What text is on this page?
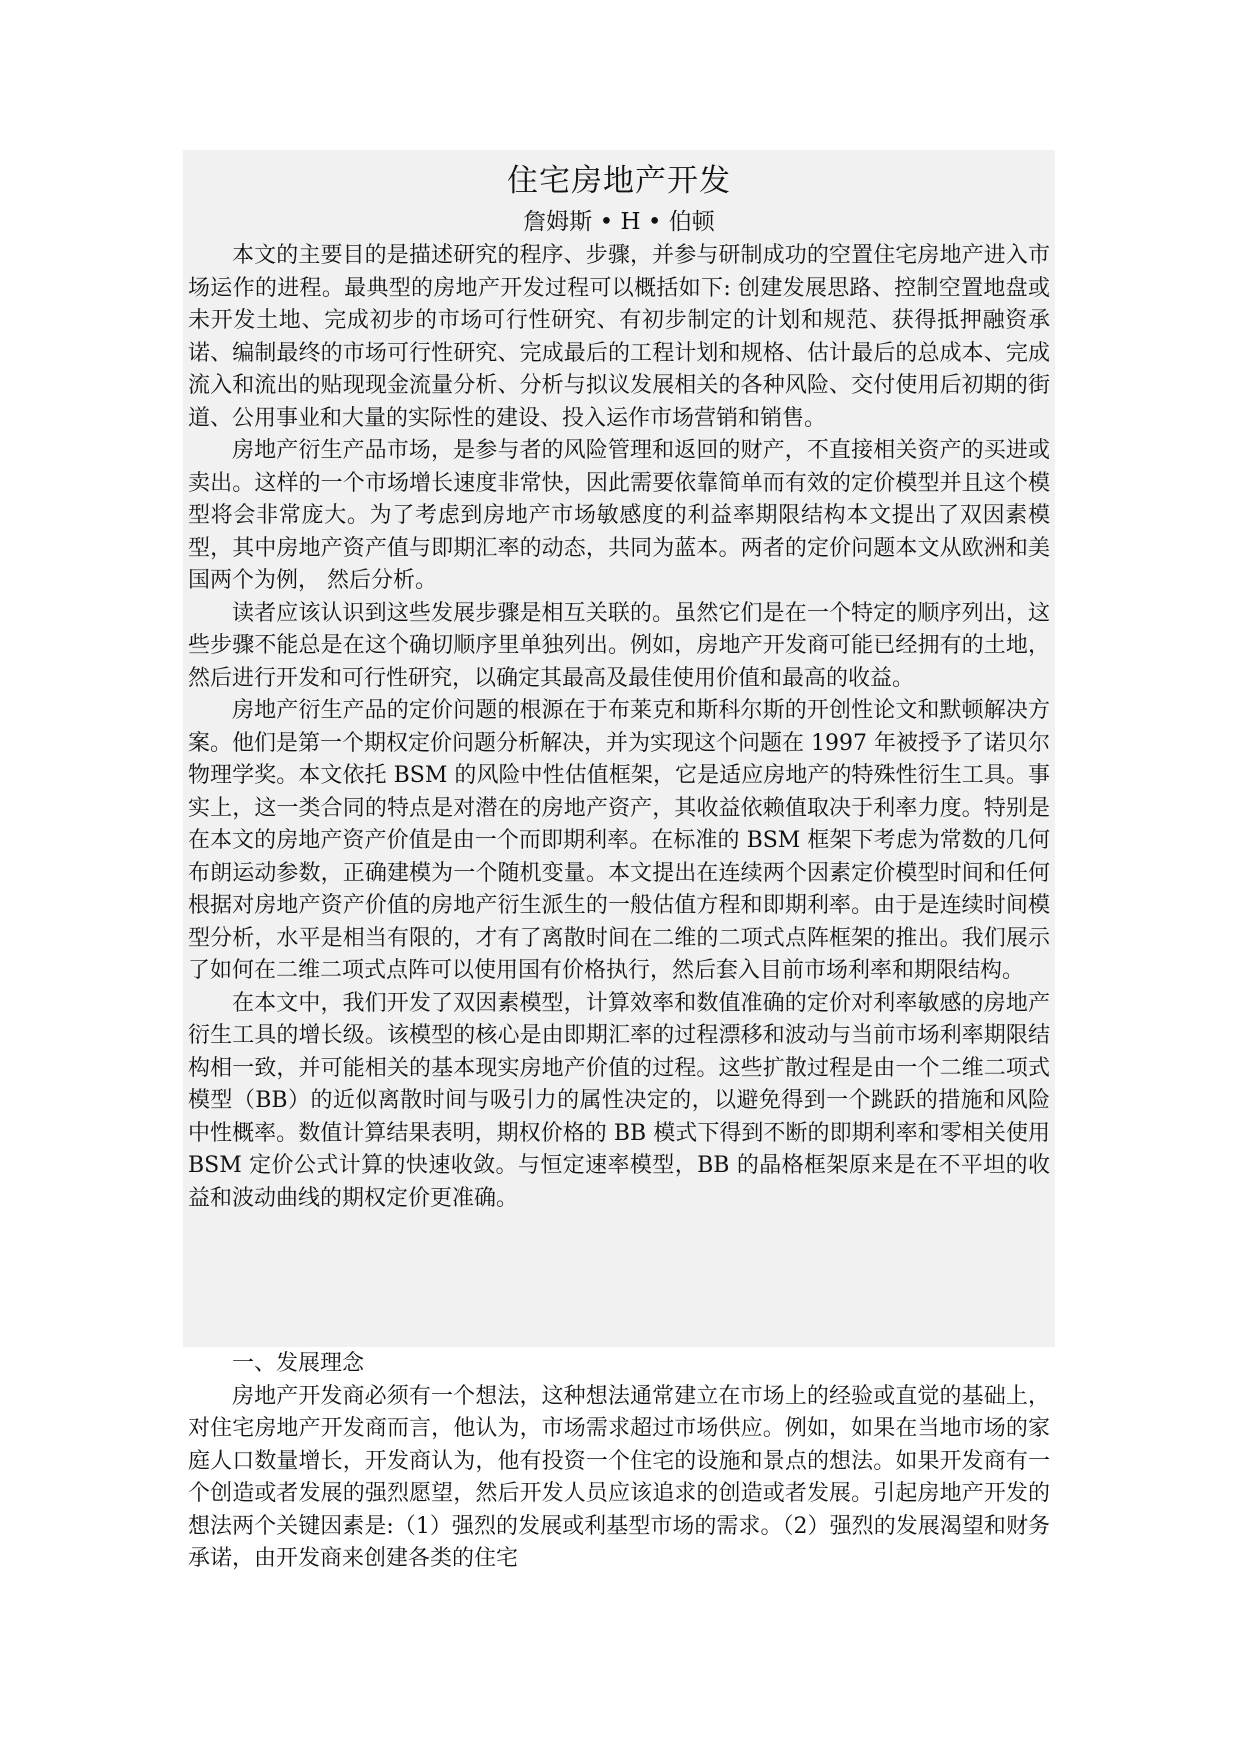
住宅房地产开发

詹姆斯 • H • 伯顿

本文的主要目的是描述研究的程序、步骤，并参与研制成功的空置住宅房地产进入市场运作的进程。最典型的房地产开发过程可以概括如下: 创建发展思路、控制空置地盘或未开发土地、完成初步的市场可行性研究、有初步制定的计划和规范、获得抵押融资承诺、编制最终的市场可行性研究、完成最后的工程计划和规格、估计最后的总成本、完成流入和流出的贴现现金流量分析、分析与拟议发展相关的各种风险、交付使用后初期的街道、公用事业和大量的实际性的建设、投入运作市场营销和销售。

房地产衍生产品市场，是参与者的风险管理和返回的财产，不直接相关资产的买进或卖出。这样的一个市场增长速度非常快，因此需要依靠简单而有效的定价模型并且这个模型将会非常庞大。为了考虑到房地产市场敏感度的利益率期限结构本文提出了双因素模型，其中房地产资产值与即期汇率的动态，共同为蓝本。两者的定价问题本文从欧洲和美国两个为例， 然后分析。

读者应该认识到这些发展步骤是相互关联的。虽然它们是在一个特定的顺序列出，这些步骤不能总是在这个确切顺序里单独列出。例如，房地产开发商可能已经拥有的土地，然后进行开发和可行性研究，以确定其最高及最佳使用价值和最高的收益。

房地产衍生产品的定价问题的根源在于布莱克和斯科尔斯的开创性论文和默顿解决方案。他们是第一个期权定价问题分析解决，并为实现这个问题在 1997 年被授予了诺贝尔物理学奖。本文依托 BSM 的风险中性估值框架，它是适应房地产的特殊性衍生工具。事实上，这一类合同的特点是对潜在的房地产资产，其收益依赖值取决于利率力度。特别是在本文的房地产资产价值是由一个而即期利率。在标准的 BSM 框架下考虑为常数的几何布朗运动参数，正确建模为一个随机变量。本文提出在连续两个因素定价模型时间和任何根据对房地产资产价值的房地产衍生派生的一般估值方程和即期利率。由于是连续时间模型分析，水平是相当有限的，才有了离散时间在二维的二项式点阵框架的推出。我们展示了如何在二维二项式点阵可以使用国有价格执行，然后套入目前市场利率和期限结构。

在本文中，我们开发了双因素模型，计算效率和数值准确的定价对利率敏感的房地产衍生工具的增长级。该模型的核心是由即期汇率的过程漂移和波动与当前市场利率期限结构相一致，并可能相关的基本现实房地产价值的过程。这些扩散过程是由一个二维二项式模型（BB）的近似离散时间与吸引力的属性决定的，以避免得到一个跳跃的措施和风险中性概率。数值计算结果表明，期权价格的 BB 模式下得到不断的即期利率和零相关使用 BSM 定价公式计算的快速收敛。与恒定速率模型，BB 的晶格框架原来是在不平坦的收益和波动曲线的期权定价更准确。

一、发展理念

房地产开发商必须有一个想法，这种想法通常建立在市场上的经验或直觉的基础上，对住宅房地产开发商而言，他认为，市场需求超过市场供应。例如，如果在当地市场的家庭人口数量增长，开发商认为，他有投资一个住宅的设施和景点的想法。如果开发商有一个创造或者发展的强烈愿望，然后开发人员应该追求的创造或者发展。引起房地产开发的想法两个关键因素是:（1）强烈的发展或利基型市场的需求。（2）强烈的发展渴望和财务承诺，由开发商来创建各类的住宅
